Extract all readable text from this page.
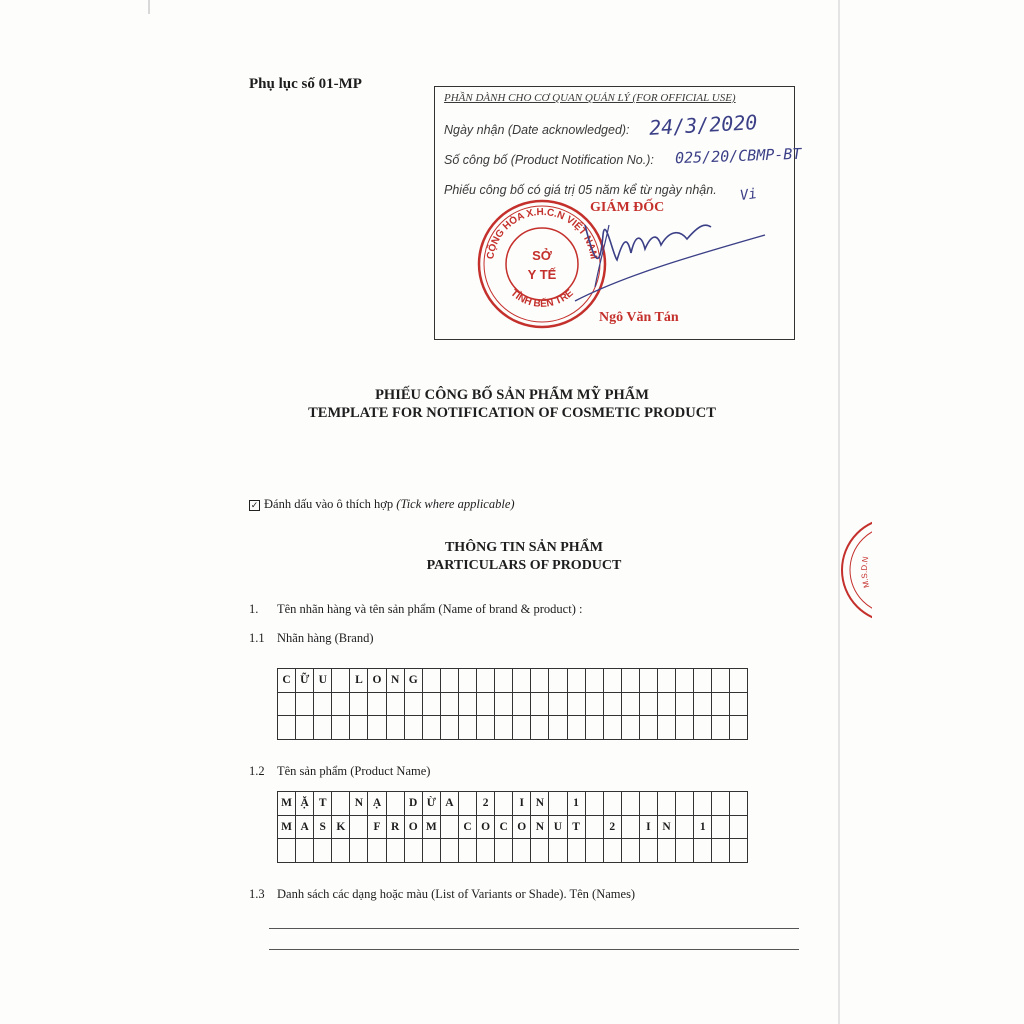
Phụ lục số 01-MP
PHẦN DÀNH CHO CƠ QUAN QUẢN LÝ (FOR OFFICIAL USE)
Ngày nhận (Date acknowledged): 24/3/2020
Số công bố (Product Notification No.): 025/20/CBMP-BT
Phiếu công bố có giá trị 05 năm kể từ ngày nhận. Vi
CỘNG HÒA X.H.C.N VIỆT NAM
TỈNH BẾN TRE
SỞ
Y TẾ
GIÁM ĐỐC
Ngô Văn Tán
PHIẾU CÔNG BỐ SẢN PHẨM MỸ PHẨM
TEMPLATE FOR NOTIFICATION OF COSMETIC PRODUCT
✓ Đánh dấu vào ô thích hợp (Tick where applicable)
THÔNG TIN SẢN PHẨM
PARTICULARS OF PRODUCT
1. Tên nhãn hàng và tên sản phẩm (Name of brand & product) :
1.1 Nhãn hàng (Brand)
C	Ữ	U		L	O	N	G																		

1.2 Tên sản phẩm (Product Name)
M	Ặ	T		N	Ạ		D	Ừ	A		2		I	N		1									
M	A	S	K		F	R	O	M		C	O	C	O	N	U	T		2		I	N		1		

1.3 Danh sách các dạng hoặc màu (List of Variants or Shade). Tên (Names)
M.S.D.N
